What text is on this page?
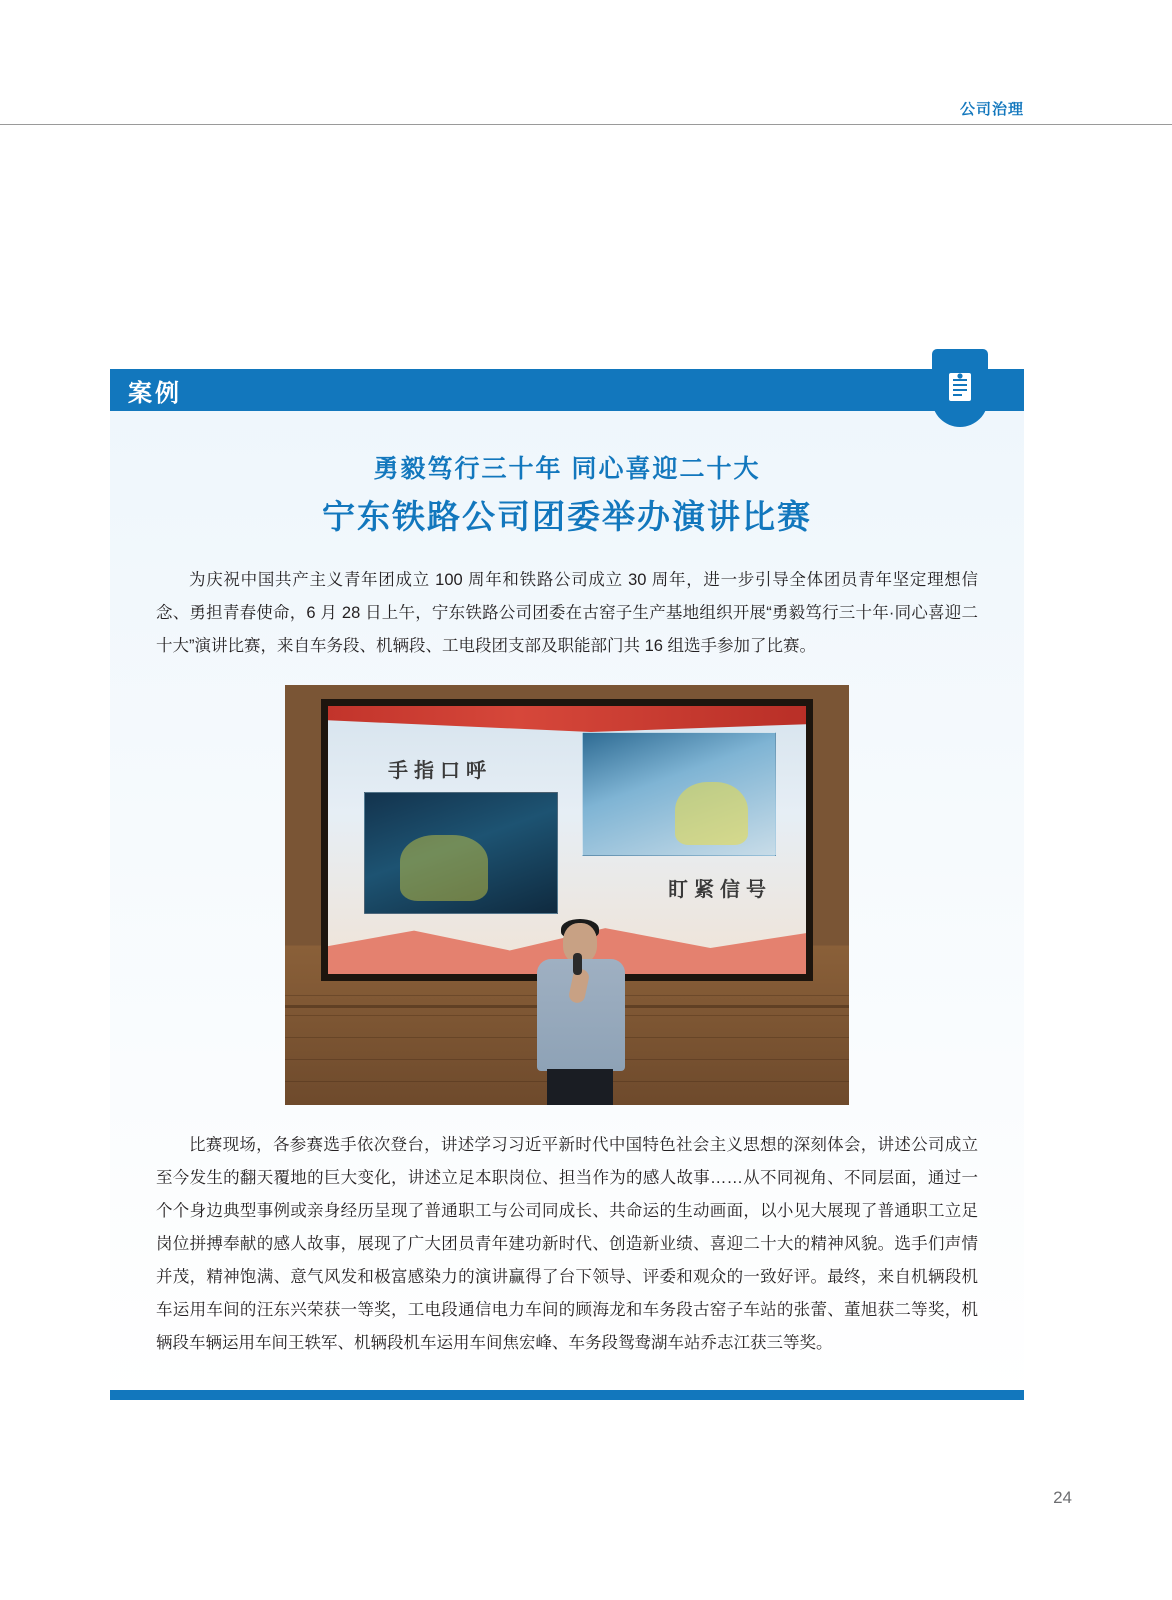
公司治理
案例
勇毅笃行三十年 同心喜迎二十大
宁东铁路公司团委举办演讲比赛

为庆祝中国共产主义青年团成立 100 周年和铁路公司成立 30 周年，进一步引导全体团员青年坚定理想信念、勇担青春使命，6 月 28 日上午，宁东铁路公司团委在古窑子生产基地组织开展“勇毅笃行三十年·同心喜迎二十大”演讲比赛，来自车务段、机辆段、工电段团支部及职能部门共 16 组选手参加了比赛。

手指口呼
盯紧信号

比赛现场，各参赛选手依次登台，讲述学习习近平新时代中国特色社会主义思想的深刻体会，讲述公司成立至今发生的翻天覆地的巨大变化，讲述立足本职岗位、担当作为的感人故事……从不同视角、不同层面，通过一个个身边典型事例或亲身经历呈现了普通职工与公司同成长、共命运的生动画面，以小见大展现了普通职工立足岗位拼搏奉献的感人故事，展现了广大团员青年建功新时代、创造新业绩、喜迎二十大的精神风貌。选手们声情并茂，精神饱满、意气风发和极富感染力的演讲赢得了台下领导、评委和观众的一致好评。最终，来自机辆段机车运用车间的汪东兴荣获一等奖，工电段通信电力车间的顾海龙和车务段古窑子车站的张蕾、董旭获二等奖，机辆段车辆运用车间王轶军、机辆段机车运用车间焦宏峰、车务段鸳鸯湖车站乔志江获三等奖。

24
